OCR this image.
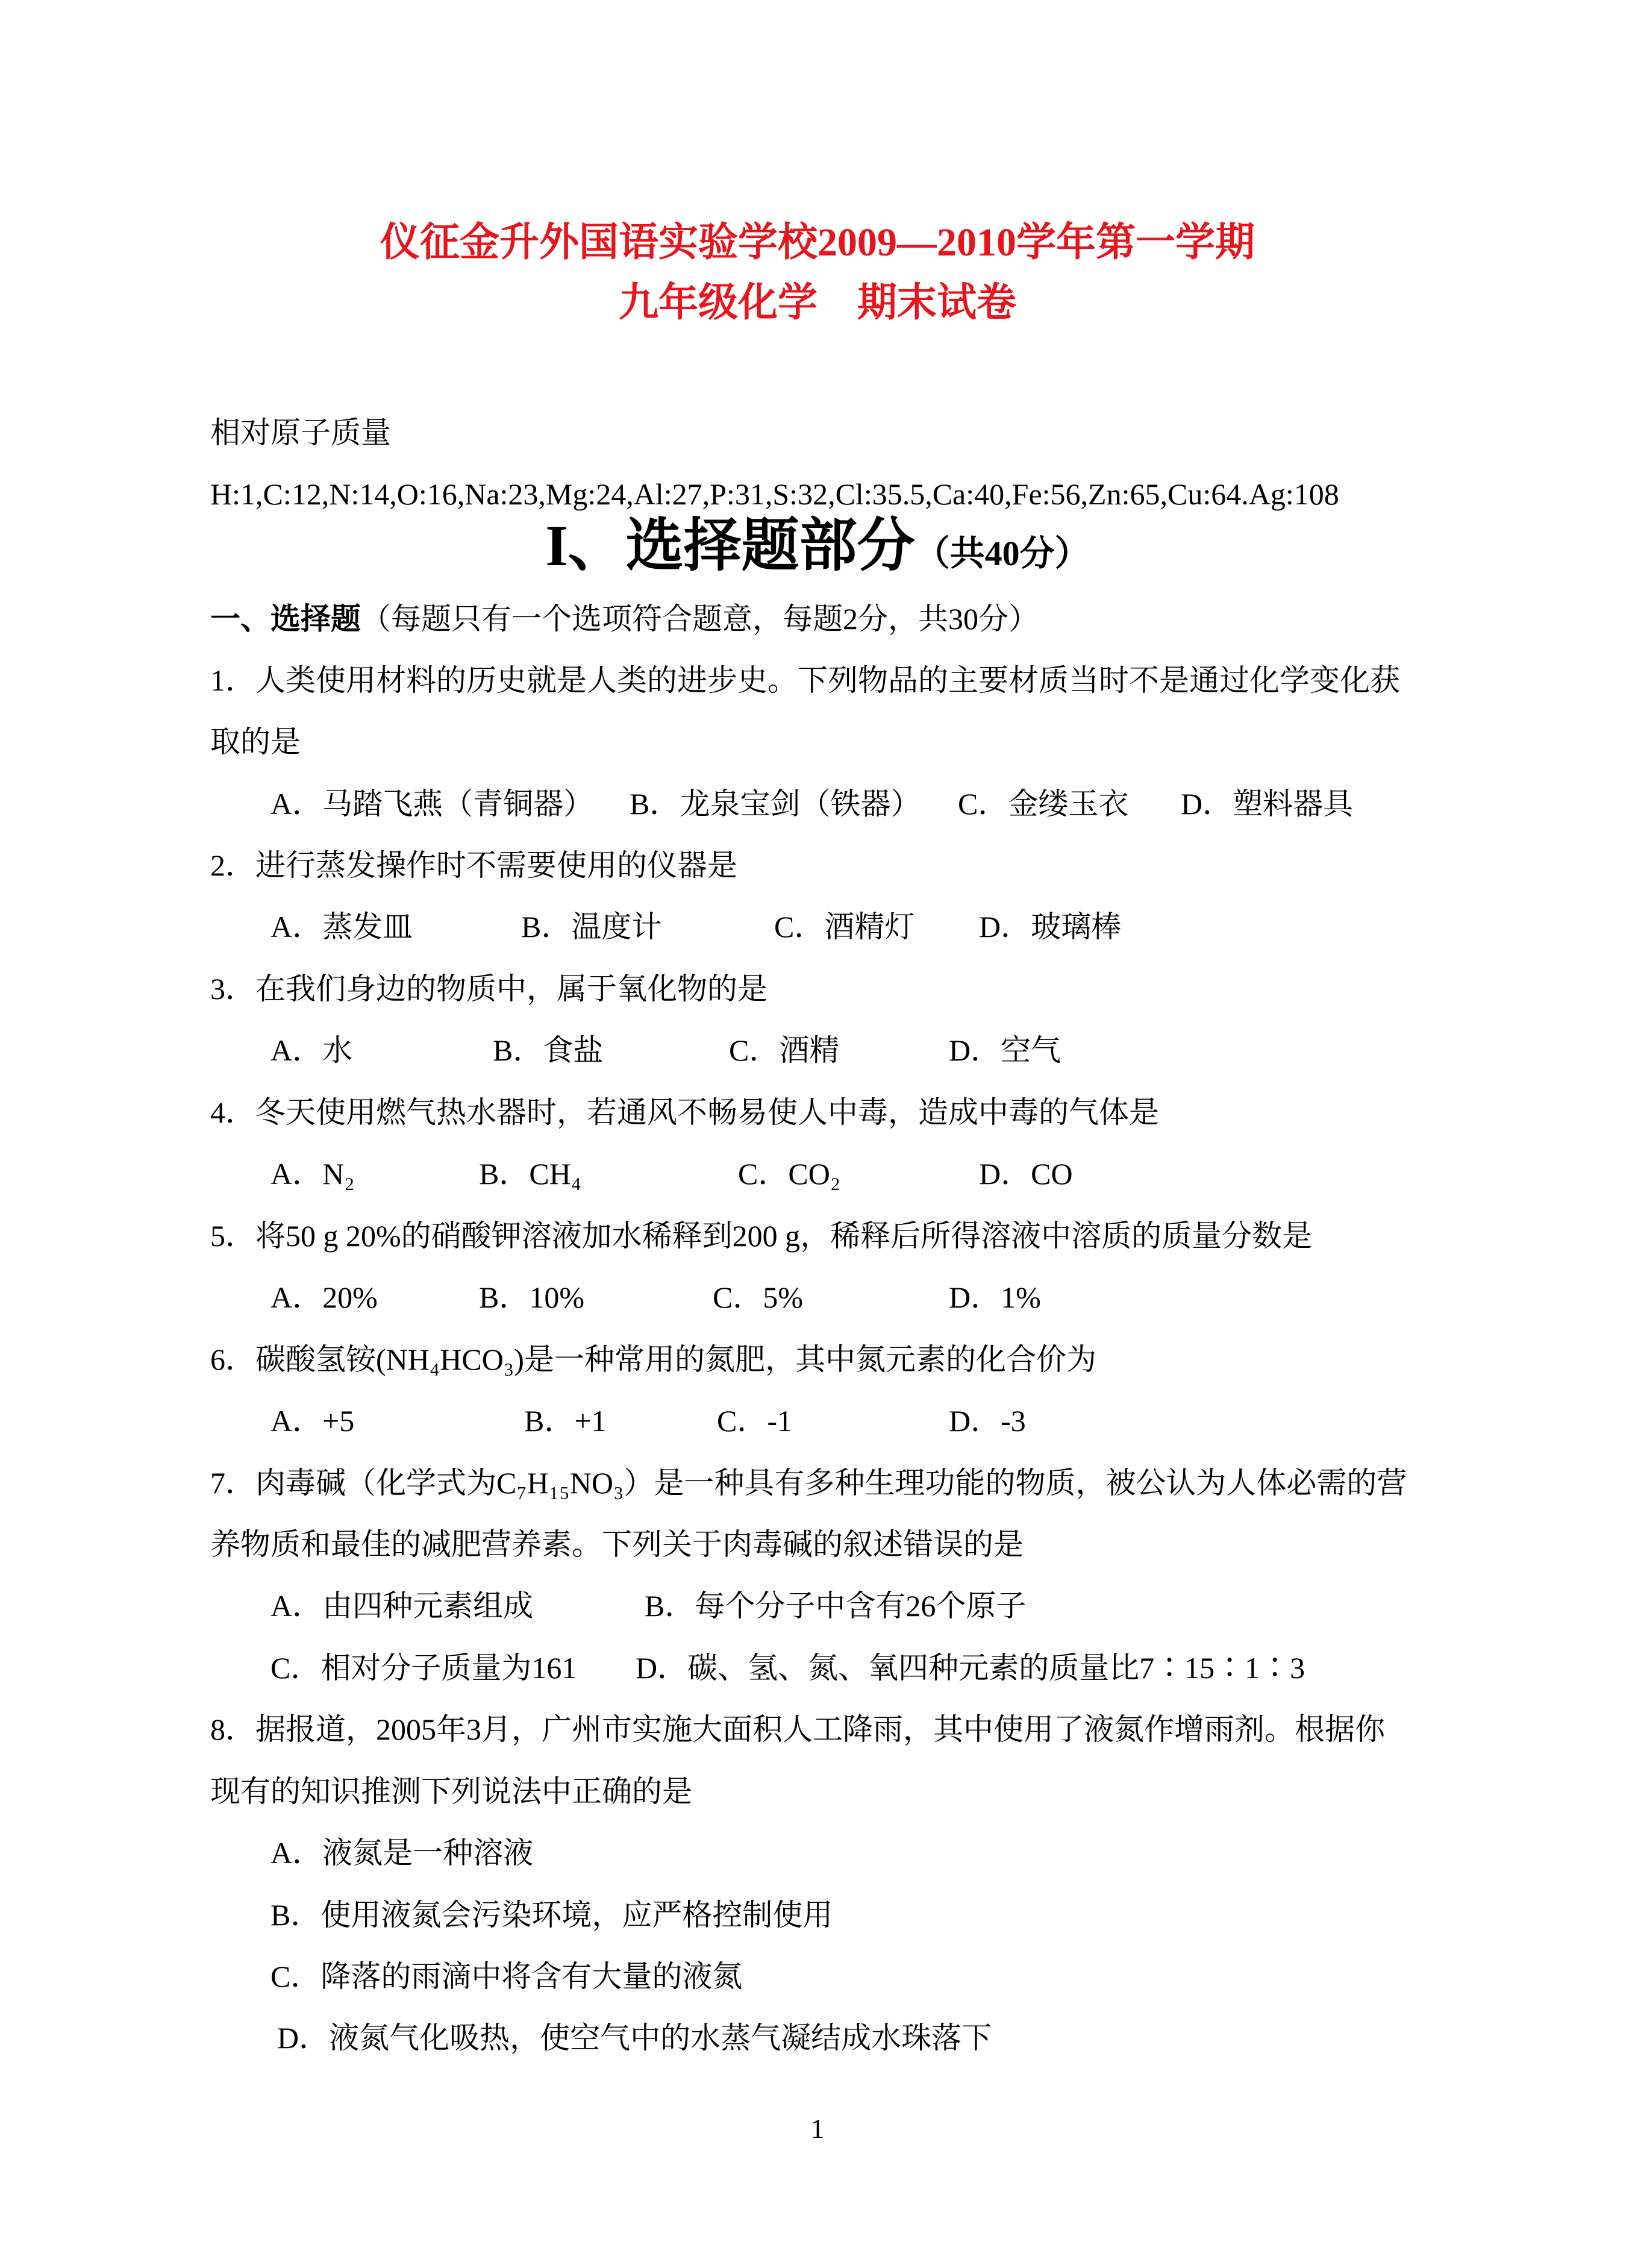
仪征金升外国语实验学校2009—2010学年第一学期
九年级化学　期末试卷
相对原子质量
H:1,C:12,N:14,O:16,Na:23,Mg:24,Al:27,P:31,S:32,Cl:35.5,Ca:40,Fe:56,Zn:65,Cu:64.Ag:108
I、选择题部分（共40分）
一、选择题（每题只有一个选项符合题意，每题2分，共30分）
1．人类使用材料的历史就是人类的进步史。下列物品的主要材质当时不是通过化学变化获
取的是
A．马踏飞燕（青铜器） B．龙泉宝剑（铁器） C．金缕玉衣 D．塑料器具
2．进行蒸发操作时不需要使用的仪器是
A．蒸发皿	B．温度计	C．酒精灯 D．玻璃棒
3．在我们身边的物质中，属于氧化物的是
A．水	B．食盐	C．酒精	D．空气
4．冬天使用燃气热水器时，若通风不畅易使人中毒，造成中毒的气体是
A．N₂	B．CH₄	C．CO₂	D．CO
5．将50 g 20%的硝酸钾溶液加水稀释到200 g，稀释后所得溶液中溶质的质量分数是
A．20%	B．10%	C．5%	D．1%
6．碳酸氢铵(NH₄HCO₃)是一种常用的氮肥，其中氮元素的化合价为
A．+5	B．+1	C．-1	D．-3
7．肉毒碱（化学式为C₇H₁₅NO₃）是一种具有多种生理功能的物质，被公认为人体必需的营
养物质和最佳的减肥营养素。下列关于肉毒碱的叙述错误的是
A．由四种元素组成	B．每个分子中含有26个原子
C．相对分子质量为161 D．碳、氢、氮、氧四种元素的质量比7∶15∶1∶3
8．据报道，2005年3月，广州市实施大面积人工降雨，其中使用了液氮作增雨剂。根据你
现有的知识推测下列说法中正确的是
A．液氮是一种溶液
B．使用液氮会污染环境，应严格控制使用
C．降落的雨滴中将含有大量的液氮
D．液氮气化吸热，使空气中的水蒸气凝结成水珠落下
1
